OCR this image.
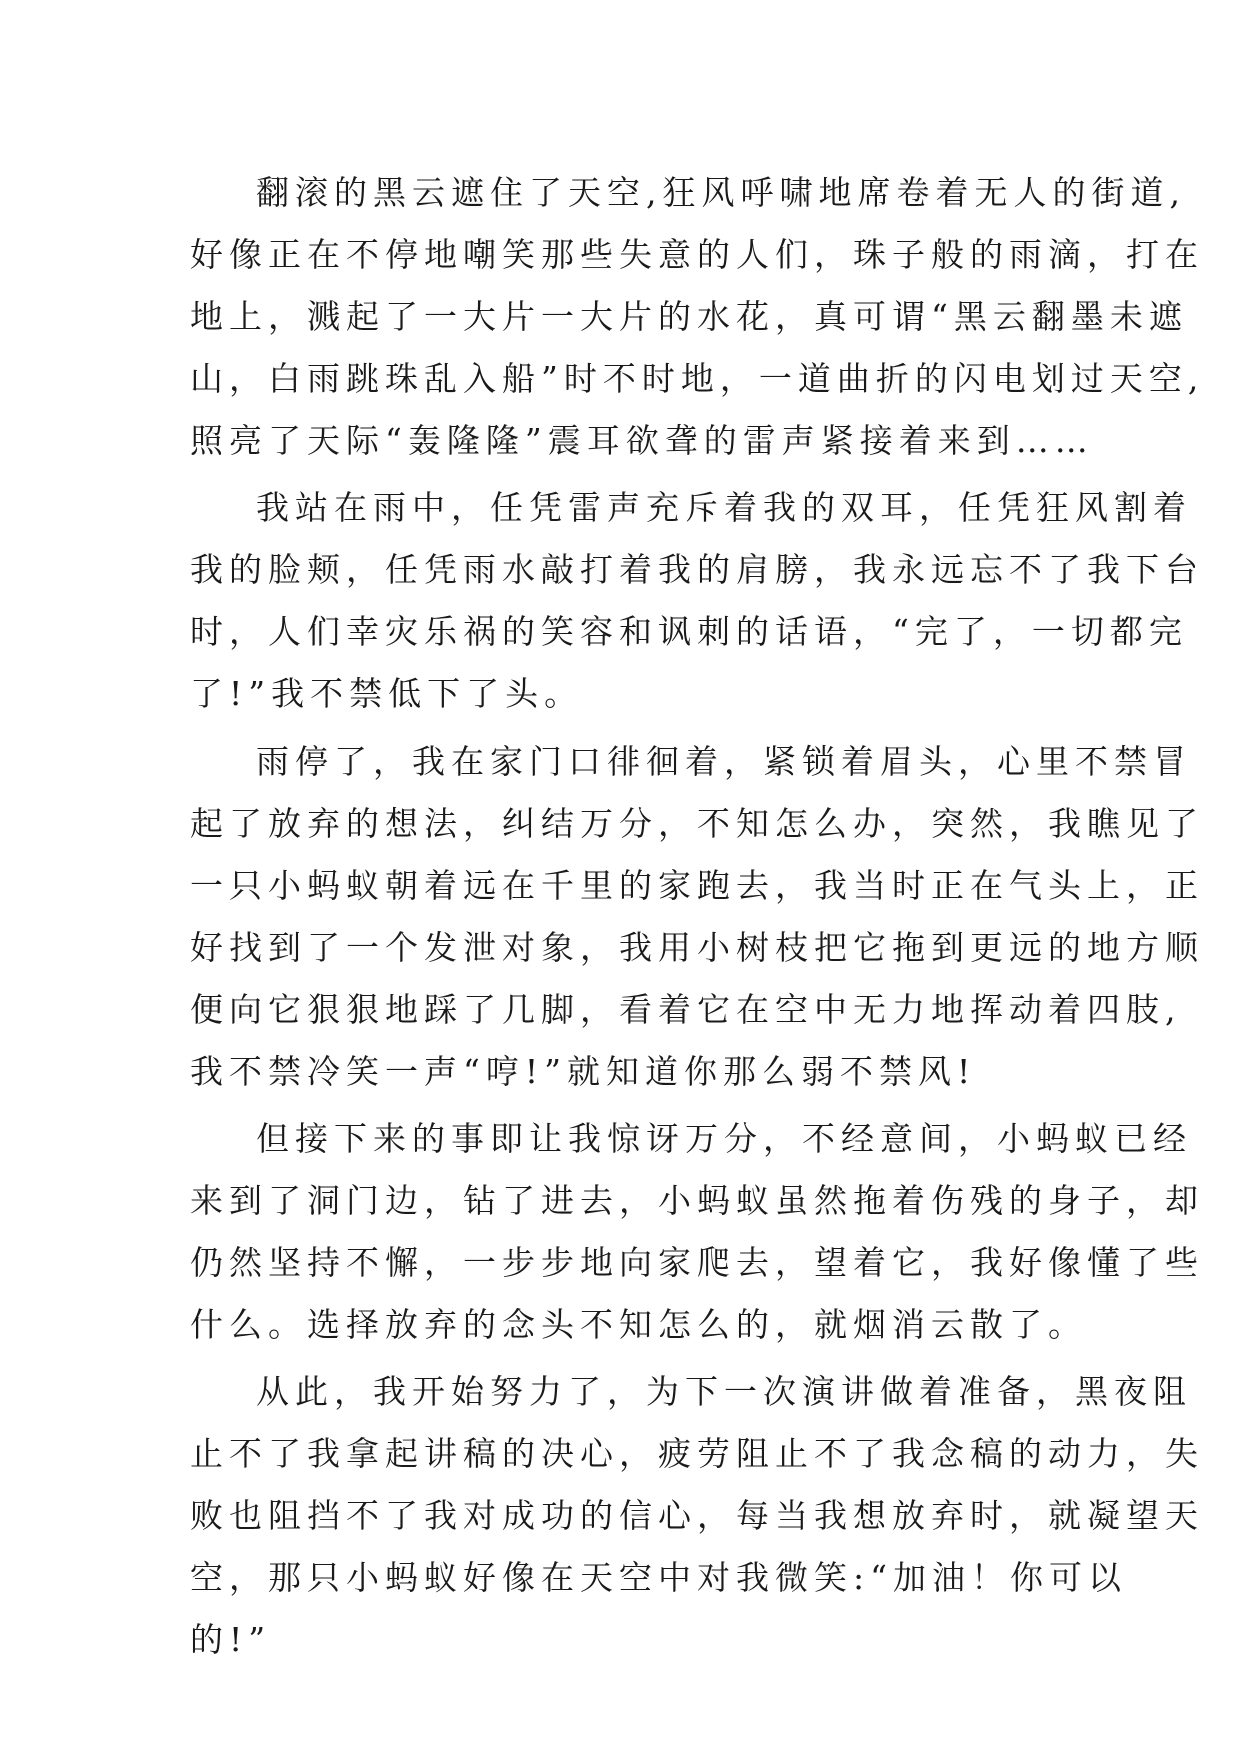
翻滚的黑云遮住了天空,狂风呼啸地席卷着无人的街道,
好像正在不停地嘲笑那些失意的人们，珠子般的雨滴，打在
地上，溅起了一大片一大片的水花，真可谓“黑云翻墨未遮
山，白雨跳珠乱入船”时不时地，一道曲折的闪电划过天空,
照亮了天际“轰隆隆”震耳欲聋的雷声紧接着来到……
我站在雨中，任凭雷声充斥着我的双耳，任凭狂风割着
我的脸颊，任凭雨水敲打着我的肩膀，我永远忘不了我下台
时，人们幸灾乐祸的笑容和讽刺的话语，“完了，一切都完
了!”我不禁低下了头。
雨停了，我在家门口徘徊着，紧锁着眉头，心里不禁冒
起了放弃的想法，纠结万分，不知怎么办，突然，我瞧见了
一只小蚂蚁朝着远在千里的家跑去，我当时正在气头上，正
好找到了一个发泄对象，我用小树枝把它拖到更远的地方顺
便向它狠狠地踩了几脚，看着它在空中无力地挥动着四肢,
我不禁冷笑一声“哼!”就知道你那么弱不禁风!
但接下来的事即让我惊讶万分，不经意间，小蚂蚁已经
来到了洞门边，钻了进去，小蚂蚁虽然拖着伤残的身子，却
仍然坚持不懈，一步步地向家爬去，望着它，我好像懂了些
什么。选择放弃的念头不知怎么的，就烟消云散了。
从此，我开始努力了，为下一次演讲做着准备，黑夜阻
止不了我拿起讲稿的决心，疲劳阻止不了我念稿的动力，失
败也阻挡不了我对成功的信心，每当我想放弃时，就凝望天
空，那只小蚂蚁好像在天空中对我微笑:“加油！你可以
的!”
